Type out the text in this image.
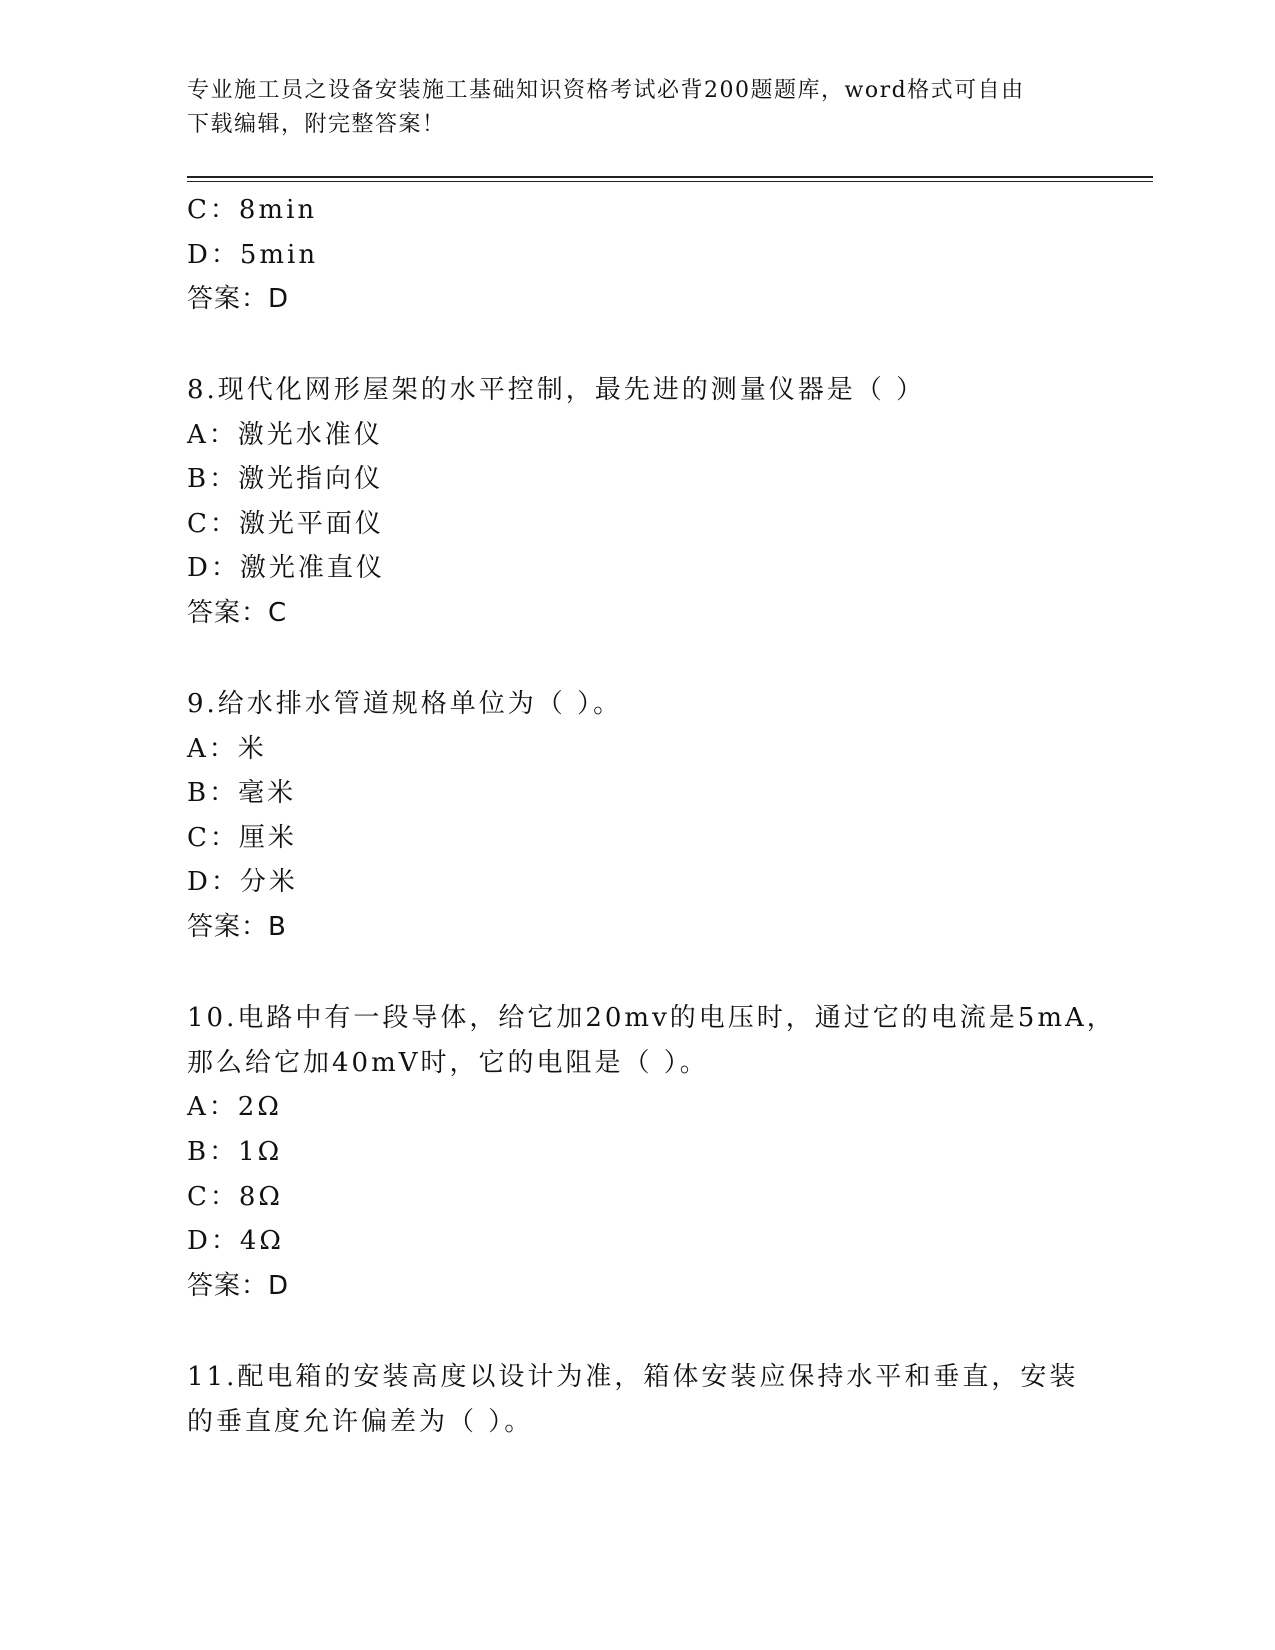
专业施工员之设备安装施工基础知识资格考试必背200题题库，word格式可自由
下载编辑，附完整答案！
C：8min
D：5min
答案：D
8.现代化网形屋架的水平控制，最先进的测量仪器是（ ）
A：激光水准仪
B：激光指向仪
C：激光平面仪
D：激光准直仪
答案：C
9.给水排水管道规格单位为（ ）。
A：米
B：毫米
C：厘米
D：分米
答案：B
10.电路中有一段导体，给它加20mv的电压时，通过它的电流是5mA，
那么给它加40mV时，它的电阻是（ ）。
A：2Ω
B：1Ω
C：8Ω
D：4Ω
答案：D
11.配电箱的安装高度以设计为准，箱体安装应保持水平和垂直，安装
的垂直度允许偏差为（ ）。
